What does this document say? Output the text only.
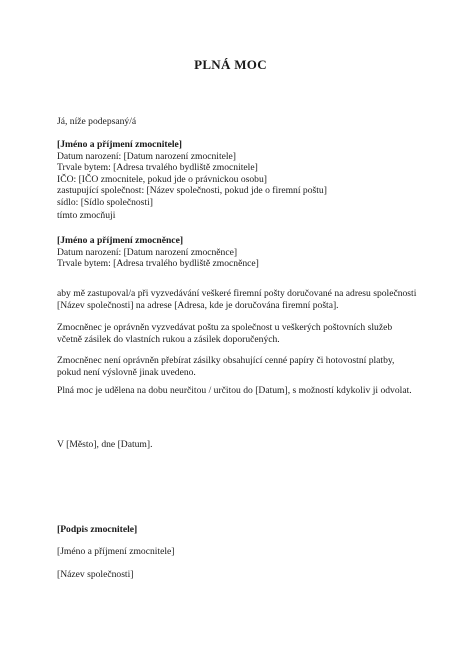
PLNÁ MOC
Já, níže podepsaný/á
[Jméno a příjmení zmocnitele]
Datum narození: [Datum narození zmocnitele]
Trvale bytem: [Adresa trvalého bydliště zmocnitele]
IČO: [IČO zmocnitele, pokud jde o právnickou osobu]
zastupující společnost: [Název společnosti, pokud jde o firemní poštu]
sídlo: [Sídlo společnosti]
tímto zmocňuji
[Jméno a příjmení zmocněnce]
Datum narození: [Datum narození zmocněnce]
Trvale bytem: [Adresa trvalého bydliště zmocněnce]
aby mě zastupoval/a při vyzvedávání veškeré firemní pošty doručované na adresu společnosti
[Název společnosti] na adrese [Adresa, kde je doručována firemní pošta].
Zmocněnec je oprávněn vyzvedávat poštu za společnost u veškerých poštovních služeb
včetně zásilek do vlastních rukou a zásilek doporučených.
Zmocněnec není oprávněn přebírat zásilky obsahující cenné papíry či hotovostní platby,
pokud není výslovně jinak uvedeno.
Plná moc je udělena na dobu neurčitou / určitou do [Datum], s možností kdykoliv ji odvolat.
V [Město], dne [Datum].
[Podpis zmocnitele]
[Jméno a příjmení zmocnitele]
[Název společnosti]
